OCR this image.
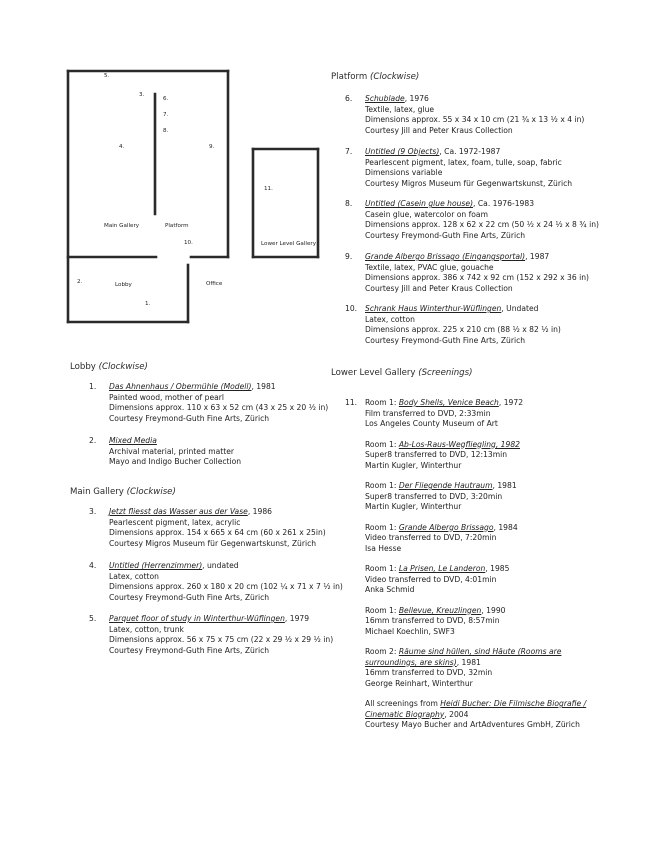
5.
3.
6.
7.
8.
4.	9.
Main Gallery	Platform
10.
2.	Lobby	Office
1.
11.
Lower Level Gallery
Lobby (Clockwise)
1. Das Ahnenhaus / Obermühle (Modell), 1981
Painted wood, mother of pearl
Dimensions approx. 110 x 63 x 52 cm (43 x 25 x 20 ½ in)
Courtesy Freymond-Guth Fine Arts, Zürich
2. Mixed Media
Archival material, printed matter
Mayo and Indigo Bucher Collection
Main Gallery (Clockwise)
3. Jetzt fliesst das Wasser aus der Vase, 1986
Pearlescent pigment, latex, acrylic
Dimensions approx. 154 x 665 x 64 cm (60 x 261 x 25in)
Courtesy Migros Museum für Gegenwartskunst, Zürich
4. Untitled (Herrenzimmer), undated
Latex, cotton
Dimensions approx. 260 x 180 x 20 cm (102 ¼ x 71 x 7 ½ in)
Courtesy Freymond-Guth Fine Arts, Zürich
5. Parquet floor of study in Winterthur-Wüflingen, 1979
Latex, cotton, trunk
Dimensions approx. 56 x 75 x 75 cm (22 x 29 ½ x 29 ½ in)
Courtesy Freymond-Guth Fine Arts, Zürich
Platform (Clockwise)
6. Schublade, 1976
Textile, latex, glue
Dimensions approx. 55 x 34 x 10 cm (21 ¾ x 13 ½ x 4 in)
Courtesy Jill and Peter Kraus Collection
7. Untitled (9 Objects), Ca. 1972-1987
Pearlescent pigment, latex, foam, tulle, soap, fabric
Dimensions variable
Courtesy Migros Museum für Gegenwartskunst, Zürich
8. Untitled (Casein glue house), Ca. 1976-1983
Casein glue, watercolor on foam
Dimensions approx. 128 x 62 x 22 cm (50 ½ x 24 ½ x 8 ¾ in)
Courtesy Freymond-Guth Fine Arts, Zürich
9. Grande Albergo Brissago (Eingangsportal), 1987
Textile, latex, PVAC glue, gouache
Dimensions approx. 386 x 742 x 92 cm (152 x 292 x 36 in)
Courtesy Jill and Peter Kraus Collection
10. Schrank Haus Winterthur-Wüflingen, Undated
Latex, cotton
Dimensions approx. 225 x 210 cm (88 ½ x 82 ½ in)
Courtesy Freymond-Guth Fine Arts, Zürich
Lower Level Gallery (Screenings)
11. Room 1: Body Shells, Venice Beach, 1972
Film transferred to DVD, 2:33min
Los Angeles County Museum of Art
Room 1: Ab-Los-Raus-Wegfliegling, 1982
Super8 transferred to DVD, 12:13min
Martin Kugler, Winterthur
Room 1: Der Fliegende Hautraum, 1981
Super8 transferred to DVD, 3:20min
Martin Kugler, Winterthur
Room 1: Grande Albergo Brissago, 1984
Video transferred to DVD, 7:20min
Isa Hesse
Room 1: La Prisen, Le Landeron, 1985
Video transferred to DVD, 4:01min
Anka Schmid
Room 1: Bellevue, Kreuzlingen, 1990
16mm transferred to DVD, 8:57min
Michael Koechlin, SWF3
Room 2: Räume sind hüllen, sind Häute (Rooms are
surroundings, are skins), 1981
16mm transferred to DVD, 32min
George Reinhart, Winterthur
All screenings from Heidi Bucher: Die Filmische Biografie /
Cinematic Biography, 2004
Courtesy Mayo Bucher and ArtAdventures GmbH, Zürich
